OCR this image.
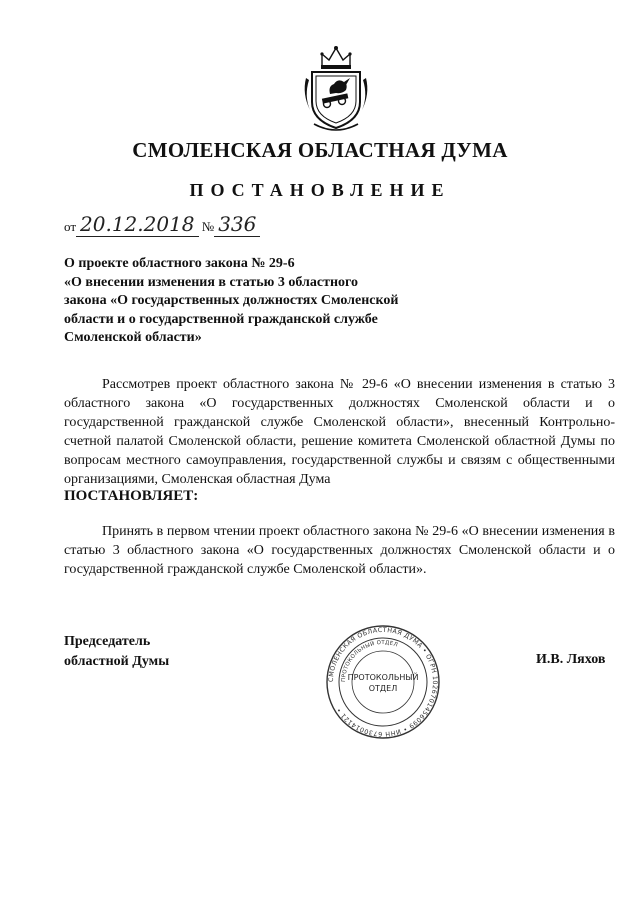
СМОЛЕНСКАЯ ОБЛАСТНАЯ ДУМА
ПОСТАНОВЛЕНИЕ
от 20.12.2018 № 336
О проекте областного закона № 29-6
«О внесении изменения в статью 3 областного
закона «О государственных должностях Смоленской
области и о государственной гражданской службе
Смоленской области»
Рассмотрев проект областного закона № 29-6 «О внесении изменения в статью 3 областного закона «О государственных должностях Смоленской области и о государственной гражданской службе Смоленской области», внесенный Контрольно-счетной палатой Смоленской области, решение комитета Смоленской областной Думы по вопросам местного самоуправления, государственной службы и связям с общественными организациями, Смоленская областная Дума
ПОСТАНОВЛЯЕТ:
Принять в первом чтении проект областного закона № 29-6 «О внесении изменения в статью 3 областного закона «О государственных должностях Смоленской области и о государственной гражданской службе Смоленской области».
Председатель
областной Думы	И.В. Ляхов
СМОЛЕНСКАЯ ОБЛАСТНАЯ ДУМА • ОГРН 1026701456099 • ИНН 6730014121 •
ПРОТОКОЛЬНЫЙ ОТДЕЛ
ПРОТОКОЛЬНЫЙ
ОТДЕЛ
